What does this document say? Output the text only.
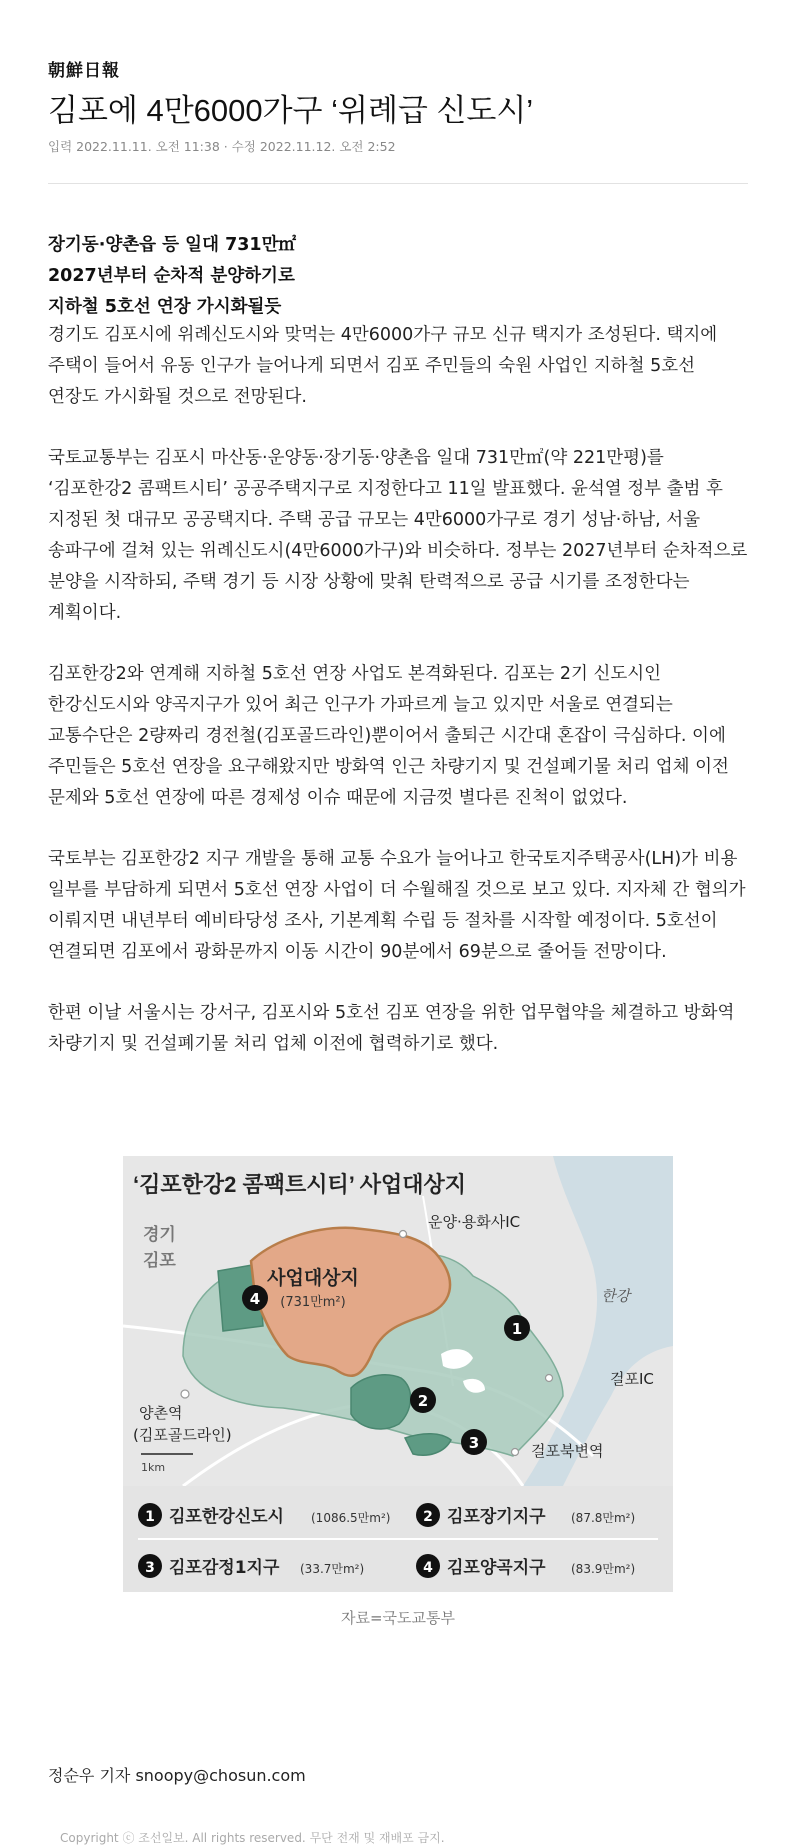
朝鮮日報
김포에 4만6000가구 ‘위례급 신도시’
입력 2022.11.11. 오전 11:38 · 수정 2022.11.12. 오전 2:52
장기동·양촌읍 등 일대 731만㎡
2027년부터 순차적 분양하기로
지하철 5호선 연장 가시화될듯

경기도 김포시에 위례신도시와 맞먹는 4만6000가구 규모 신규 택지가 조성된다. 택지에 주택이 들어서 유동 인구가 늘어나게 되면서 김포 주민들의 숙원 사업인 지하철 5호선 연장도 가시화될 것으로 전망된다.

국토교통부는 김포시 마산동·운양동·장기동·양촌읍 일대 731만㎡(약 221만평)를 ‘김포한강2 콤팩트시티’ 공공주택지구로 지정한다고 11일 발표했다. 윤석열 정부 출범 후 지정된 첫 대규모 공공택지다. 주택 공급 규모는 4만6000가구로 경기 성남·하남, 서울 송파구에 걸쳐 있는 위례신도시(4만6000가구)와 비슷하다. 정부는 2027년부터 순차적으로 분양을 시작하되, 주택 경기 등 시장 상황에 맞춰 탄력적으로 공급 시기를 조정한다는 계획이다.

김포한강2와 연계해 지하철 5호선 연장 사업도 본격화된다. 김포는 2기 신도시인 한강신도시와 양곡지구가 있어 최근 인구가 가파르게 늘고 있지만 서울로 연결되는 교통수단은 2량짜리 경전철(김포골드라인)뿐이어서 출퇴근 시간대 혼잡이 극심하다. 이에 주민들은 5호선 연장을 요구해왔지만 방화역 인근 차량기지 및 건설폐기물 처리 업체 이전 문제와 5호선 연장에 따른 경제성 이슈 때문에 지금껏 별다른 진척이 없었다.

국토부는 김포한강2 지구 개발을 통해 교통 수요가 늘어나고 한국토지주택공사(LH)가 비용 일부를 부담하게 되면서 5호선 연장 사업이 더 수월해질 것으로 보고 있다. 지자체 간 협의가 이뤄지면 내년부터 예비타당성 조사, 기본계획 수립 등 절차를 시작할 예정이다. 5호선이 연결되면 김포에서 광화문까지 이동 시간이 90분에서 69분으로 줄어들 전망이다.

한편 이날 서울시는 강서구, 김포시와 5호선 김포 연장을 위한 업무협약을 체결하고 방화역 차량기지 및 건설폐기물 처리 업체 이전에 협력하기로 했다.

‘김포한강2 콤팩트시티’ 사업대상지
경기
김포
사업대상지
(731만m²)
운양·용화사IC
한강
걸포IC
걸포북변역
양촌역
(김포골드라인)
1km
1
2
3
4
1 김포한강신도시 (1086.5만m²) 2 김포장기지구 (87.8만m²)
3 김포감정1지구 (33.7만m²)	4 김포양곡지구 (83.9만m²)
자료=국도교통부
정순우 기자 snoopy@chosun.com
Copyright ⓒ 조선일보. All rights reserved. 무단 전재 및 재배포 금지.
